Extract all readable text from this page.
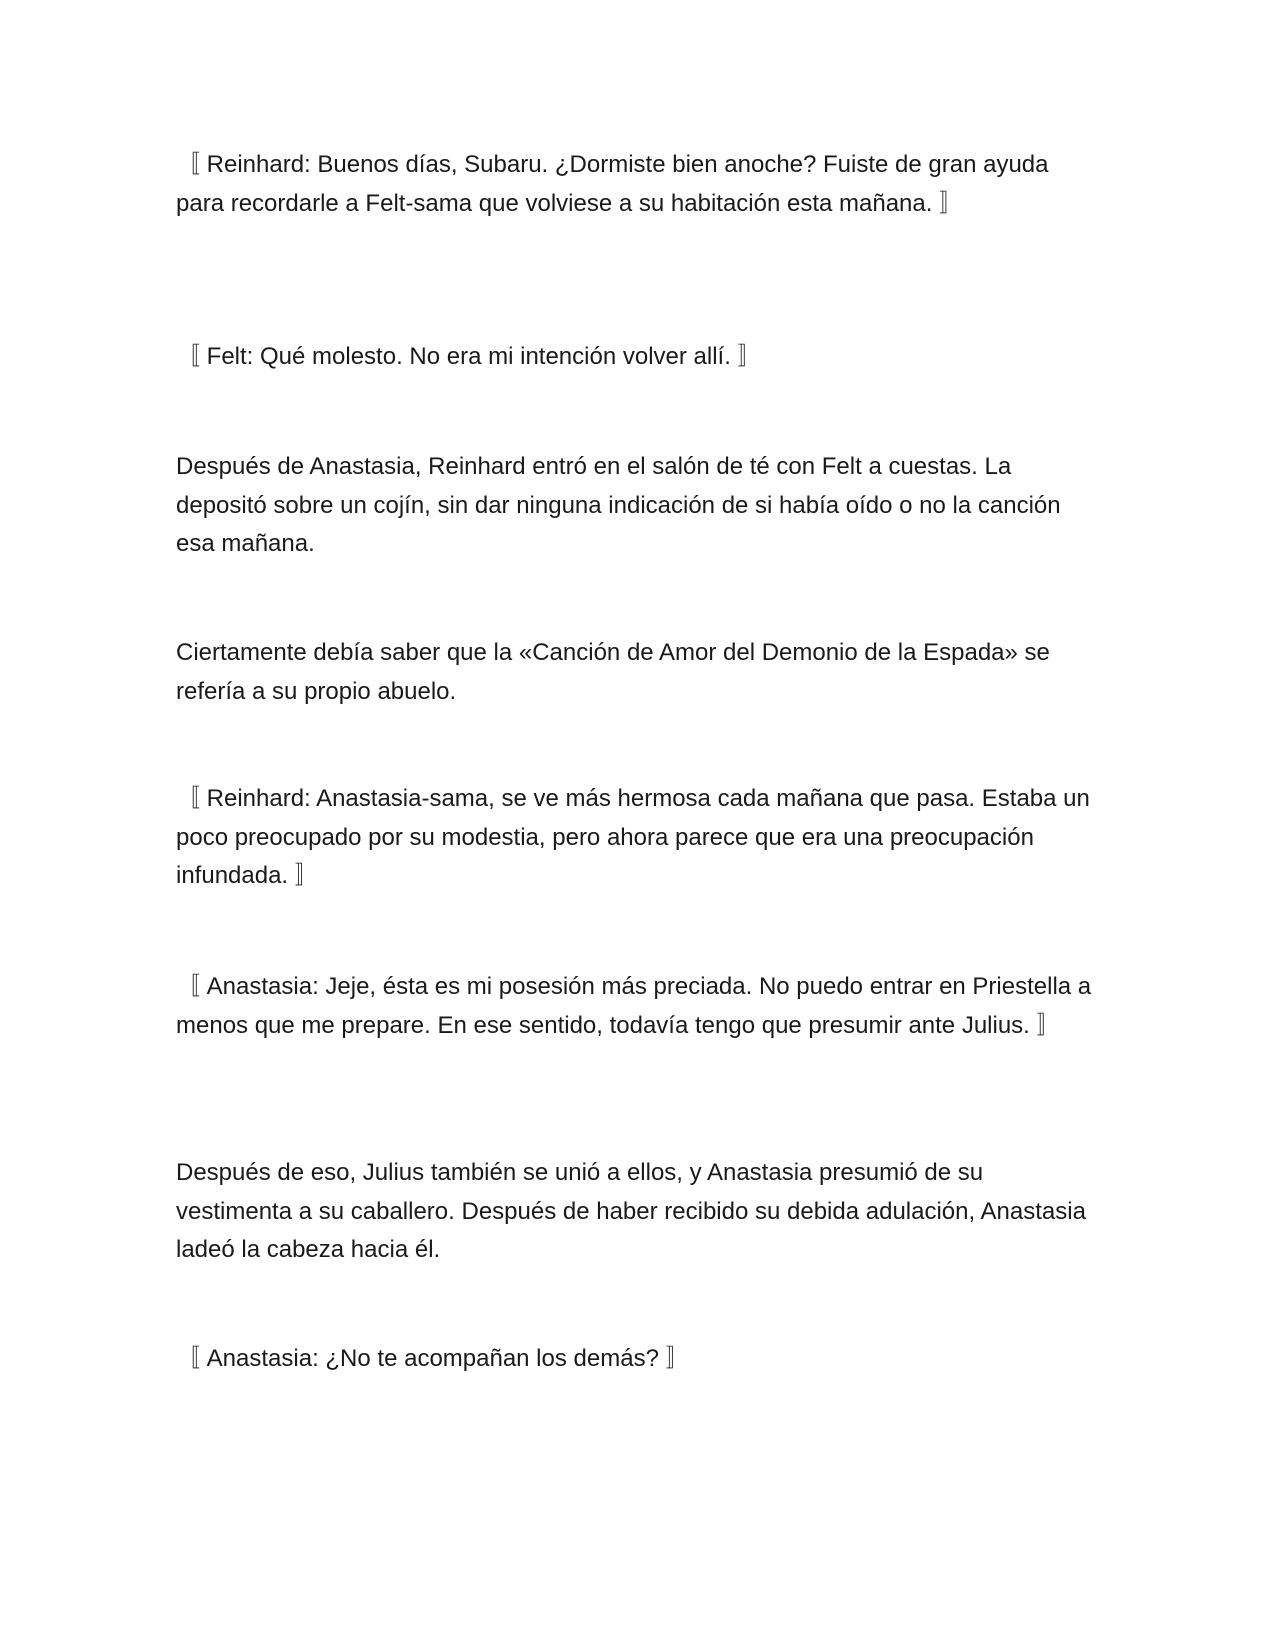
〚 Reinhard: Buenos días, Subaru. ¿Dormiste bien anoche? Fuiste de gran ayuda para recordarle a Felt-sama que volviese a su habitación esta mañana. 〛

〚 Felt: Qué molesto. No era mi intención volver allí. 〛

Después de Anastasia, Reinhard entró en el salón de té con Felt a cuestas. La depositó sobre un cojín, sin dar ninguna indicación de si había oído o no la canción esa mañana.

Ciertamente debía saber que la «Canción de Amor del Demonio de la Espada» se refería a su propio abuelo.

〚 Reinhard: Anastasia-sama, se ve más hermosa cada mañana que pasa. Estaba un poco preocupado por su modestia, pero ahora parece que era una preocupación infundada. 〛

〚 Anastasia: Jeje, ésta es mi posesión más preciada. No puedo entrar en Priestella a menos que me prepare. En ese sentido, todavía tengo que presumir ante Julius. 〛

Después de eso, Julius también se unió a ellos, y Anastasia presumió de su vestimenta a su caballero. Después de haber recibido su debida adulación, Anastasia ladeó la cabeza hacia él.

〚 Anastasia: ¿No te acompañan los demás? 〛
